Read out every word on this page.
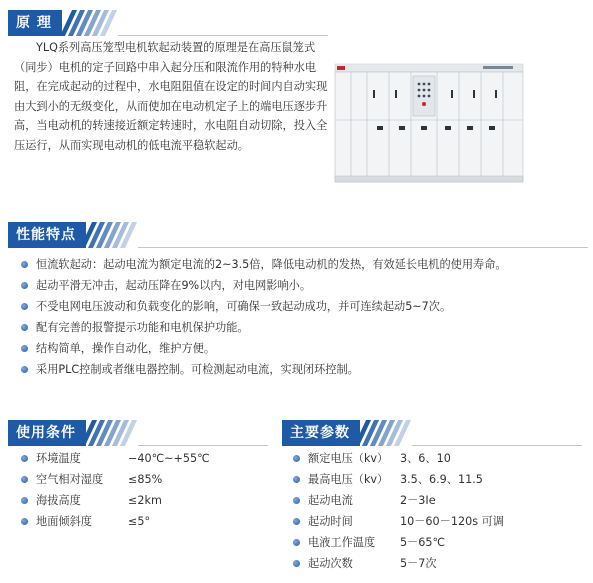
原 理

YLQ系列高压笼型电机软起动装置的原理是在高压鼠笼式（同步）电机的定子回路中串入起分压和限流作用的特种水电阻，在完成起动的过程中，水电阻阻值在设定的时间内自动实现由大到小的无级变化，从而使加在电动机定子上的端电压逐步升高，当电动机的转速接近额定转速时，水电阻自动切除，投入全压运行，从而实现电动机的低电流平稳软起动。

性能特点
恒流软起动：起动电流为额定电流的2~3.5倍，降低电动机的发热，有效延长电机的使用寿命。
起动平滑无冲击，起动压降在9%以内，对电网影响小。
不受电网电压波动和负载变化的影响，可确保一致起动成功，并可连续起动5~7次。
配有完善的报警提示功能和电机保护功能。
结构简单，操作自动化，维护方便。
采用PLC控制或者继电器控制。可检测起动电流，实现闭环控制。
使用条件
环境温度	−40℃~+55℃
空气相对湿度 ≤85%
海拔高度	≤2km
地面倾斜度	≤5°
主要参数
额定电压（kv） 3、6、10
最高电压（kv） 3.5、6.9、11.5
起动电流	2－3Ie
起动时间	10－60－120s 可调
电液工作温度 5－65℃
起动次数	5－7次
